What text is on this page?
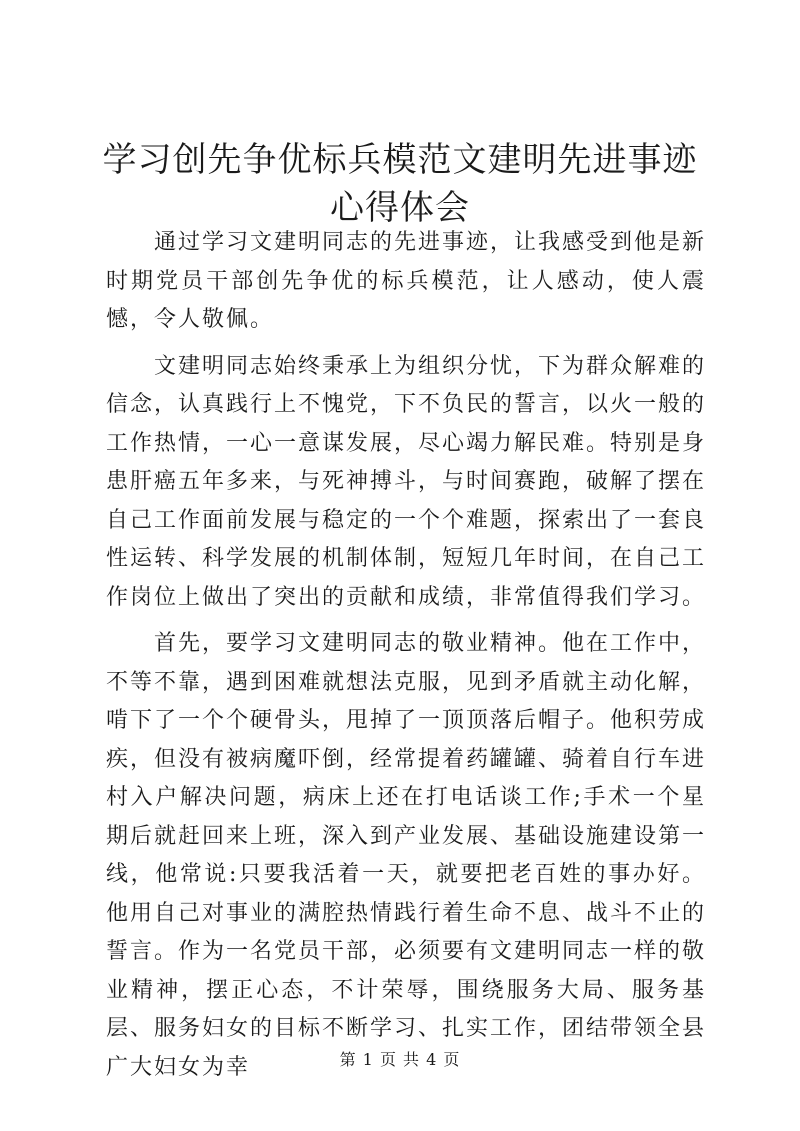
学习创先争优标兵模范文建明先进事迹心得体会

通过学习文建明同志的先进事迹，让我感受到他是新时期党员干部创先争优的标兵模范，让人感动，使人震憾，令人敬佩。

文建明同志始终秉承上为组织分忧，下为群众解难的信念，认真践行上不愧党，下不负民的誓言，以火一般的工作热情，一心一意谋发展，尽心竭力解民难。特别是身患肝癌五年多来，与死神搏斗，与时间赛跑，破解了摆在自己工作面前发展与稳定的一个个难题，探索出了一套良性运转、科学发展的机制体制，短短几年时间，在自己工作岗位上做出了突出的贡献和成绩，非常值得我们学习。

首先，要学习文建明同志的敬业精神。他在工作中，不等不靠，遇到困难就想法克服，见到矛盾就主动化解，啃下了一个个硬骨头，甩掉了一顶顶落后帽子。他积劳成疾，但没有被病魔吓倒，经常提着药罐罐、骑着自行车进村入户解决问题，病床上还在打电话谈工作;手术一个星期后就赶回来上班，深入到产业发展、基础设施建设第一线，他常说:只要我活着一天，就要把老百姓的事办好。他用自己对事业的满腔热情践行着生命不息、战斗不止的誓言。作为一名党员干部，必须要有文建明同志一样的敬业精神，摆正心态，不计荣辱，围绕服务大局、服务基层、服务妇女的目标不断学习、扎实工作，团结带领全县广大妇女为幸	第 1 页 共 4 页
